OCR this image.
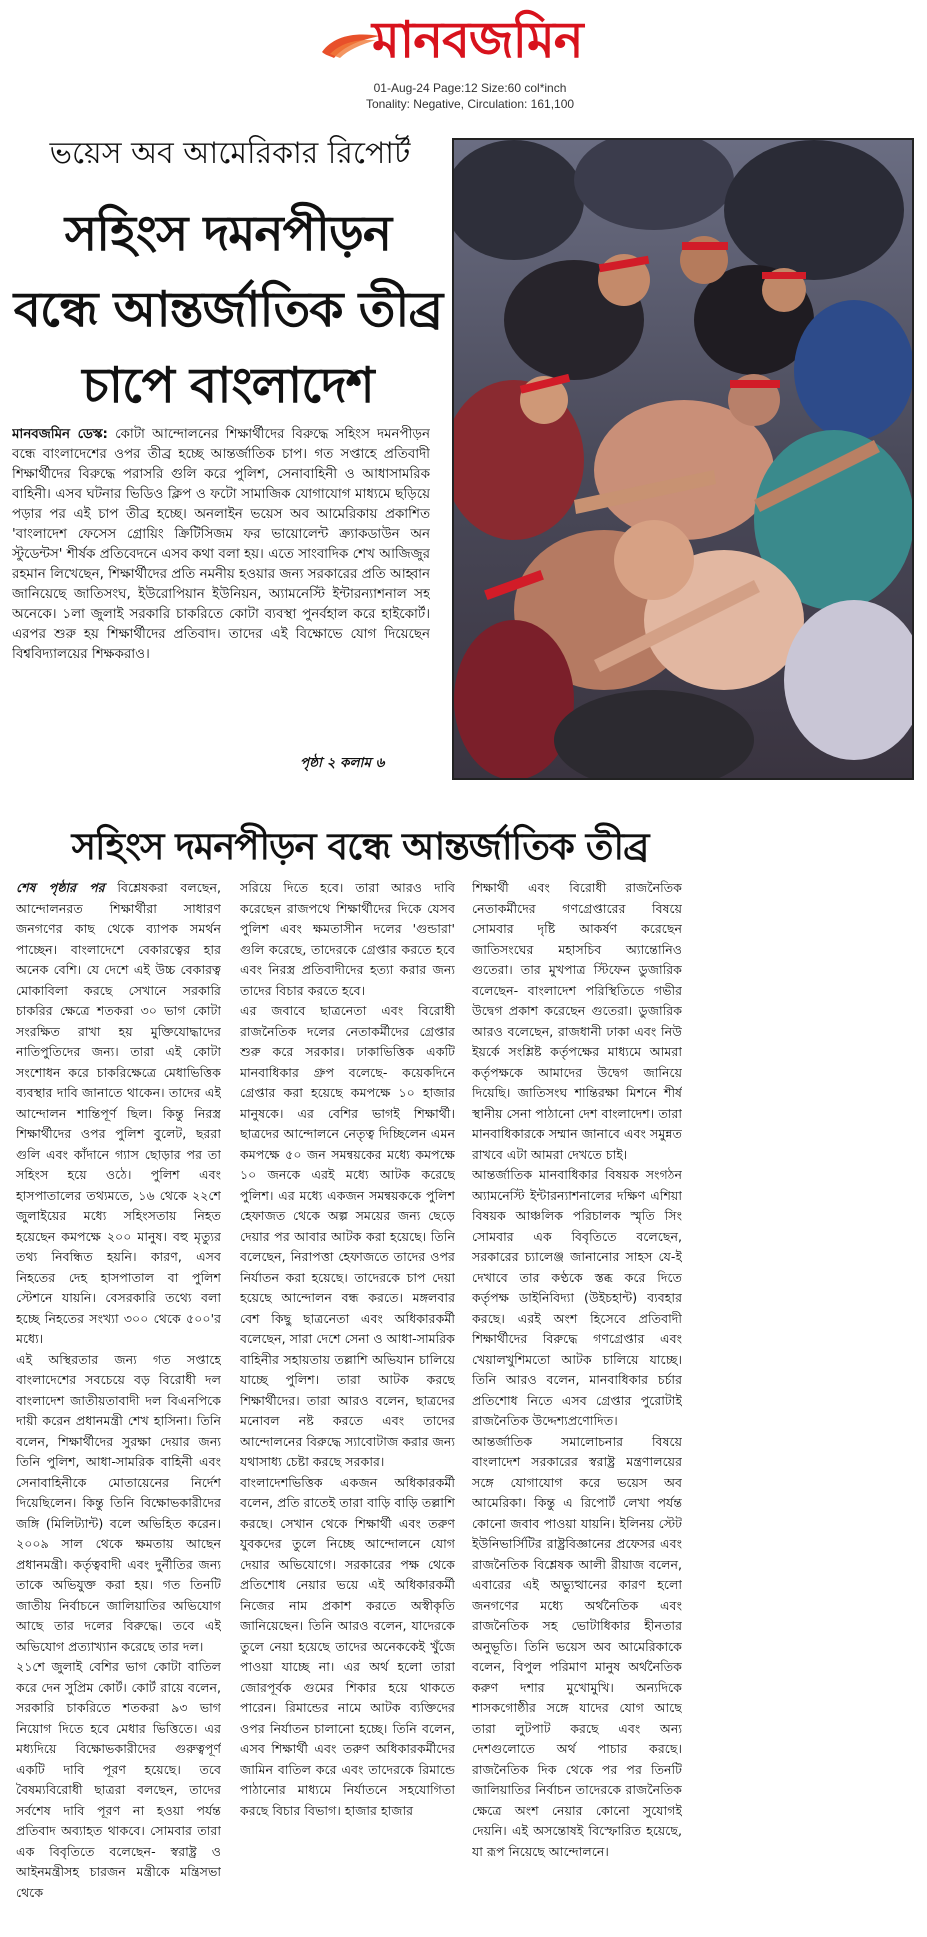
মানবজমিন
01-Aug-24 Page:12 Size:60 col*inch
Tonality: Negative, Circulation: 161,100
ভয়েস অব আমেরিকার রিপোর্ট
সহিংস দমনপীড়ন
বন্ধে আন্তর্জাতিক তীব্র
চাপে বাংলাদেশ
মানবজমিন ডেস্ক: কোটা আন্দোলনের শিক্ষার্থীদের বিরুদ্ধে সহিংস দমনপীড়ন বন্ধে বাংলাদেশের ওপর তীব্র হচ্ছে আন্তর্জাতিক চাপ। গত সপ্তাহে প্রতিবাদী শিক্ষার্থীদের বিরুদ্ধে পরাসরি গুলি করে পুলিশ, সেনাবাহিনী ও আধাসামরিক বাহিনী। এসব ঘটনার ভিডিও ক্লিপ ও ফটো সামাজিক যোগাযোগ মাধ্যমে ছড়িয়ে পড়ার পর এই চাপ তীব্র হচ্ছে। অনলাইন ভয়েস অব আমেরিকায় প্রকাশিত 'বাংলাদেশ ফেসেস গ্রোয়িং ক্রিটিসিজম ফর ভায়োলেন্ট ক্র্যাকডাউন অন স্টুডেন্টস' শীর্ষক প্রতিবেদনে এসব কথা বলা হয়। এতে সাংবাদিক শেখ আজিজুর রহমান লিখেছেন, শিক্ষার্থীদের প্রতি নমনীয় হওয়ার জন্য সরকারের প্রতি আহ্বান জানিয়েছে জাতিসংঘ, ইউরোপিয়ান ইউনিয়ন, অ্যামনেস্টি ইন্টারন্যাশনাল সহ অনেকে। ১লা জুলাই সরকারি চাকরিতে কোটা ব্যবস্থা পুনর্বহাল করে হাইকোর্ট। এরপর শুরু হয় শিক্ষার্থীদের প্রতিবাদ। তাদের এই বিক্ষোভে যোগ দিয়েছেন বিশ্ববিদ্যালয়ের শিক্ষকরাও।
পৃষ্ঠা ২ কলাম ৬
সহিংস দমনপীড়ন বন্ধে আন্তর্জাতিক তীব্র
শেষ পৃষ্ঠার পর বিশ্লেষকরা বলছেন, আন্দোলনরত শিক্ষার্থীরা সাধারণ জনগণের কাছ থেকে ব্যাপক সমর্থন পাচ্ছেন। বাংলাদেশে বেকারত্বের হার অনেক বেশি। যে দেশে এই উচ্চ বেকারত্ব মোকাবিলা করছে সেখানে সরকারি চাকরির ক্ষেত্রে শতকরা ৩০ ভাগ কোটা সংরক্ষিত রাখা হয় মুক্তিযোদ্ধাদের নাতিপুতিদের জন্য। তারা এই কোটা সংশোধন করে চাকরিক্ষেত্রে মেধাভিত্তিক ব্যবস্থার দাবি জানাতে থাকেন। তাদের এই আন্দোলন শান্তিপূর্ণ ছিল। কিন্তু নিরস্ত্র শিক্ষার্থীদের ওপর পুলিশ বুলেট, ছররা গুলি এবং কাঁদানে গ্যাস ছোড়ার পর তা সহিংস হয়ে ওঠে। পুলিশ এবং হাসপাতালের তথ্যমতে, ১৬ থেকে ২২শে জুলাইয়ের মধ্যে সহিংসতায় নিহত হয়েছেন কমপক্ষে ২০০ মানুষ। বহু মৃত্যুর তথ্য নিবন্ধিত হয়নি। কারণ, এসব নিহতের দেহ হাসপাতাল বা পুলিশ স্টেশনে যায়নি। বেসরকারি তথ্যে বলা হচ্ছে নিহতের সংখ্যা ৩০০ থেকে ৫০০'র মধ্যে।
এই অস্থিরতার জন্য গত সপ্তাহে বাংলাদেশের সবচেয়ে বড় বিরোধী দল বাংলাদেশ জাতীয়তাবাদী দল বিএনপিকে দায়ী করেন প্রধানমন্ত্রী শেখ হাসিনা। তিনি বলেন, শিক্ষার্থীদের সুরক্ষা দেয়ার জন্য তিনি পুলিশ, আধা-সামরিক বাহিনী এবং সেনাবাহিনীকে মোতায়েনের নির্দেশ দিয়েছিলেন। কিন্তু তিনি বিক্ষোভকারীদের জঙ্গি (মিলিট্যান্ট) বলে অভিহিত করেন। ২০০৯ সাল থেকে ক্ষমতায় আছেন প্রধানমন্ত্রী। কর্তৃত্ববাদী এবং দুর্নীতির জন্য তাকে অভিযুক্ত করা হয়। গত তিনটি জাতীয় নির্বাচনে জালিয়াতির অভিযোগ আছে তার দলের বিরুদ্ধে। তবে এই অভিযোগ প্রত্যাখ্যান করেছে তার দল।
২১শে জুলাই বেশির ভাগ কোটা বাতিল করে দেন সুপ্রিম কোর্ট। কোর্ট রায়ে বলেন, সরকারি চাকরিতে শতকরা ৯৩ ভাগ নিয়োগ দিতে হবে মেধার ভিত্তিতে। এর মধ্যদিয়ে বিক্ষোভকারীদের গুরুত্বপূর্ণ একটি দাবি পূরণ হয়েছে। তবে বৈষম্যবিরোধী ছাত্ররা বলছেন, তাদের সর্বশেষ দাবি পূরণ না হওয়া পর্যন্ত প্রতিবাদ অব্যাহত থাকবে। সোমবার তারা এক বিবৃতিতে বলেছেন- স্বরাষ্ট্র ও আইনমন্ত্রীসহ চারজন মন্ত্রীকে মন্ত্রিসভা থেকে
সরিয়ে দিতে হবে। তারা আরও দাবি করেছেন রাজপথে শিক্ষার্থীদের দিকে যেসব পুলিশ এবং ক্ষমতাসীন দলের 'গুন্ডারা' গুলি করেছে, তাদেরকে গ্রেপ্তার করতে হবে এবং নিরস্ত্র প্রতিবাদীদের হত্যা করার জন্য তাদের বিচার করতে হবে।
এর জবাবে ছাত্রনেতা এবং বিরোধী রাজনৈতিক দলের নেতাকর্মীদের গ্রেপ্তার শুরু করে সরকার। ঢাকাভিত্তিক একটি মানবাধিকার গ্রুপ বলেছে- কয়েকদিনে গ্রেপ্তার করা হয়েছে কমপক্ষে ১০ হাজার মানুষকে। এর বেশির ভাগই শিক্ষার্থী। ছাত্রদের আন্দোলনে নেতৃত্ব দিচ্ছিলেন এমন কমপক্ষে ৫০ জন সমন্বয়কের মধ্যে কমপক্ষে ১০ জনকে এরই মধ্যে আটক করেছে পুলিশ। এর মধ্যে একজন সমন্বয়ককে পুলিশ হেফাজত থেকে অল্প সময়ের জন্য ছেড়ে দেয়ার পর আবার আটক করা হয়েছে। তিনি বলেছেন, নিরাপত্তা হেফাজতে তাদের ওপর নির্যাতন করা হয়েছে। তাদেরকে চাপ দেয়া হয়েছে আন্দোলন বন্ধ করতে। মঙ্গলবার বেশ কিছু ছাত্রনেতা এবং অধিকারকর্মী বলেছেন, সারা দেশে সেনা ও আধা-সামরিক বাহিনীর সহায়তায় তল্লাশি অভিযান চালিয়ে যাচ্ছে পুলিশ। তারা আটক করছে শিক্ষার্থীদের। তারা আরও বলেন, ছাত্রদের মনোবল নষ্ট করতে এবং তাদের আন্দোলনের বিরুদ্ধে স্যাবোটাজ করার জন্য যথাসাধ্য চেষ্টা করছে সরকার।
বাংলাদেশভিত্তিক একজন অধিকারকর্মী বলেন, প্রতি রাতেই তারা বাড়ি বাড়ি তল্লাশি করছে। সেখান থেকে শিক্ষার্থী এবং তরুণ যুবকদের তুলে নিচ্ছে আন্দোলনে যোগ দেয়ার অভিযোগে। সরকারের পক্ষ থেকে প্রতিশোধ নেয়ার ভয়ে এই অধিকারকর্মী নিজের নাম প্রকাশ করতে অস্বীকৃতি জানিয়েছেন। তিনি আরও বলেন, যাদেরকে তুলে নেয়া হয়েছে তাদের অনেককেই খুঁজে পাওয়া যাচ্ছে না। এর অর্থ হলো তারা জোরপূর্বক গুমের শিকার হয়ে থাকতে পারেন। রিমান্ডের নামে আটক ব্যক্তিদের ওপর নির্যাতন চালানো হচ্ছে। তিনি বলেন, এসব শিক্ষার্থী এবং তরুণ অধিকারকর্মীদের জামিন বাতিল করে এবং তাদেরকে রিমান্ডে পাঠানোর মাধ্যমে নির্যাতনে সহযোগিতা করছে বিচার বিভাগ। হাজার হাজার
শিক্ষার্থী এবং বিরোধী রাজনৈতিক নেতাকর্মীদের গণগ্রেপ্তারের বিষয়ে সোমবার দৃষ্টি আকর্ষণ করেছেন জাতিসংঘের মহাসচিব অ্যান্তোনিও গুতেরা। তার মুখপাত্র স্টিফেন ডুজারিক বলেছেন- বাংলাদেশ পরিস্থিতিতে গভীর উদ্বেগ প্রকাশ করেছেন গুতেরা। ডুজারিক আরও বলেছেন, রাজধানী ঢাকা এবং নিউ ইয়র্কে সংশ্লিষ্ট কর্তৃপক্ষের মাধ্যমে আমরা কর্তৃপক্ষকে আমাদের উদ্বেগ জানিয়ে দিয়েছি। জাতিসংঘ শান্তিরক্ষা মিশনে শীর্ষ স্থানীয় সেনা পাঠানো দেশ বাংলাদেশ। তারা মানবাধিকারকে সম্মান জানাবে এবং সমুন্নত রাখবে এটা আমরা দেখতে চাই।
আন্তর্জাতিক মানবাধিকার বিষয়ক সংগঠন অ্যামনেস্টি ইন্টারন্যাশনালের দক্ষিণ এশিয়া বিষয়ক আঞ্চলিক পরিচালক স্মৃতি সিং সোমবার এক বিবৃতিতে বলেছেন, সরকারের চ্যালেঞ্জ জানানোর সাহস যে-ই দেখাবে তার কণ্ঠকে স্তব্ধ করে দিতে কর্তৃপক্ষ ডাইনিবিদ্যা (উইচহান্ট) ব্যবহার করছে। এরই অংশ হিসেবে প্রতিবাদী শিক্ষার্থীদের বিরুদ্ধে গণগ্রেপ্তার এবং খেয়ালখুশিমতো আটক চালিয়ে যাচ্ছে। তিনি আরও বলেন, মানবাধিকার চর্চার প্রতিশোধ নিতে এসব গ্রেপ্তার পুরোটাই রাজনৈতিক উদ্দেশ্যপ্রণোদিত।
আন্তর্জাতিক সমালোচনার বিষয়ে বাংলাদেশ সরকারের স্বরাষ্ট্র মন্ত্রণালয়ের সঙ্গে যোগাযোগ করে ভয়েস অব আমেরিকা। কিন্তু এ রিপোর্ট লেখা পর্যন্ত কোনো জবাব পাওয়া যায়নি। ইলিনয় স্টেট ইউনিভার্সিটির রাষ্ট্রবিজ্ঞানের প্রফেসর এবং রাজনৈতিক বিশ্লেষক আলী রীয়াজ বলেন, এবারের এই অভ্যুত্থানের কারণ হলো জনগণের মধ্যে অর্থনৈতিক এবং রাজনৈতিক সহ ভোটাধিকার হীনতার অনুভূতি। তিনি ভয়েস অব আমেরিকাকে বলেন, বিপুল পরিমাণ মানুষ অর্থনৈতিক করুণ দশার মুখোমুখি। অন্যদিকে শাসকগোষ্ঠীর সঙ্গে যাদের যোগ আছে তারা লুটপাট করছে এবং অন্য দেশগুলোতে অর্থ পাচার করছে। রাজনৈতিক দিক থেকে পর পর তিনটি জালিয়াতির নির্বাচন তাদেরকে রাজনৈতিক ক্ষেত্রে অংশ নেয়ার কোনো সুযোগই দেয়নি। এই অসন্তোষই বিস্ফোরিত হয়েছে, যা রূপ নিয়েছে আন্দোলনে।
